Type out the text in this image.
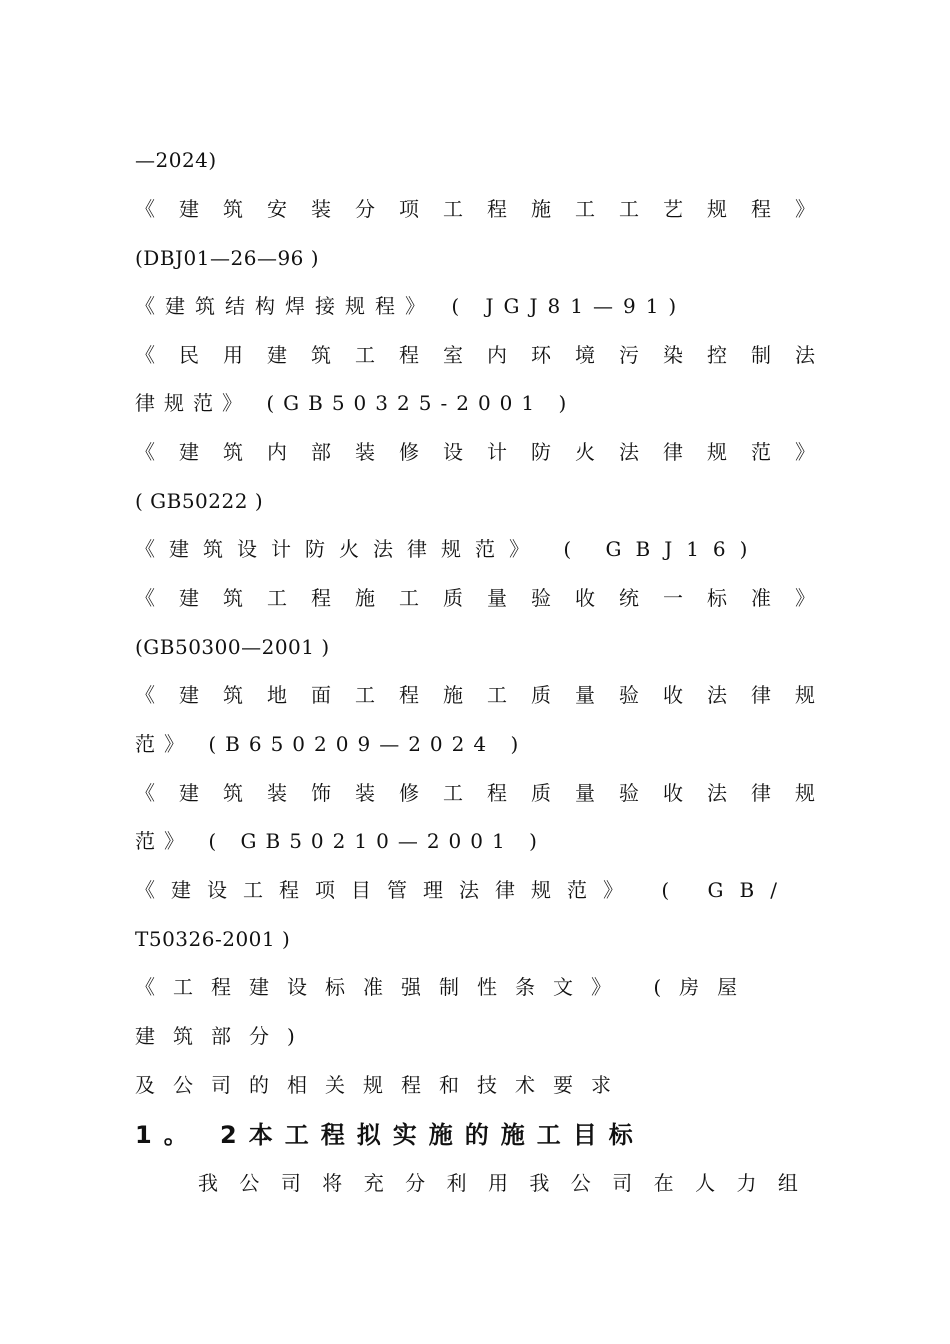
—2024)
《 建 筑 安 装 分 项 工 程 施 工 工 艺 规 程 》
(DBJ01—26—96 )
《建筑结构焊接规程》 ( JGJ81—91)
《 民 用 建 筑 工 程 室 内 环 境 污 染 控 制 法
律规范》 (GB50325-2001 )
《 建 筑 内 部 装 修 设 计 防 火 法 律 规 范 》
( GB50222 )
《建筑设计防火法律规范》 ( GBJ16)
《 建 筑 工 程 施 工 质 量 验 收 统 一 标 准 》
(GB50300—2001 )
《 建 筑 地 面 工 程 施 工 质 量 验 收 法 律 规
范》 (B650209—2024 )
《 建 筑 装 饰 装 修 工 程 质 量 验 收 法 律 规
范》 ( GB50210—2001 )
《建设工程项目管理法律规范》 ( GB/
T50326-2001 )
《工程建设标准强制性条文》 (房屋
建筑部分)
及公司的相关规程和技术要求
1。 2本工程拟实施的施工目标
我 公 司 将 充 分 利 用 我 公 司 在 人 力 组
